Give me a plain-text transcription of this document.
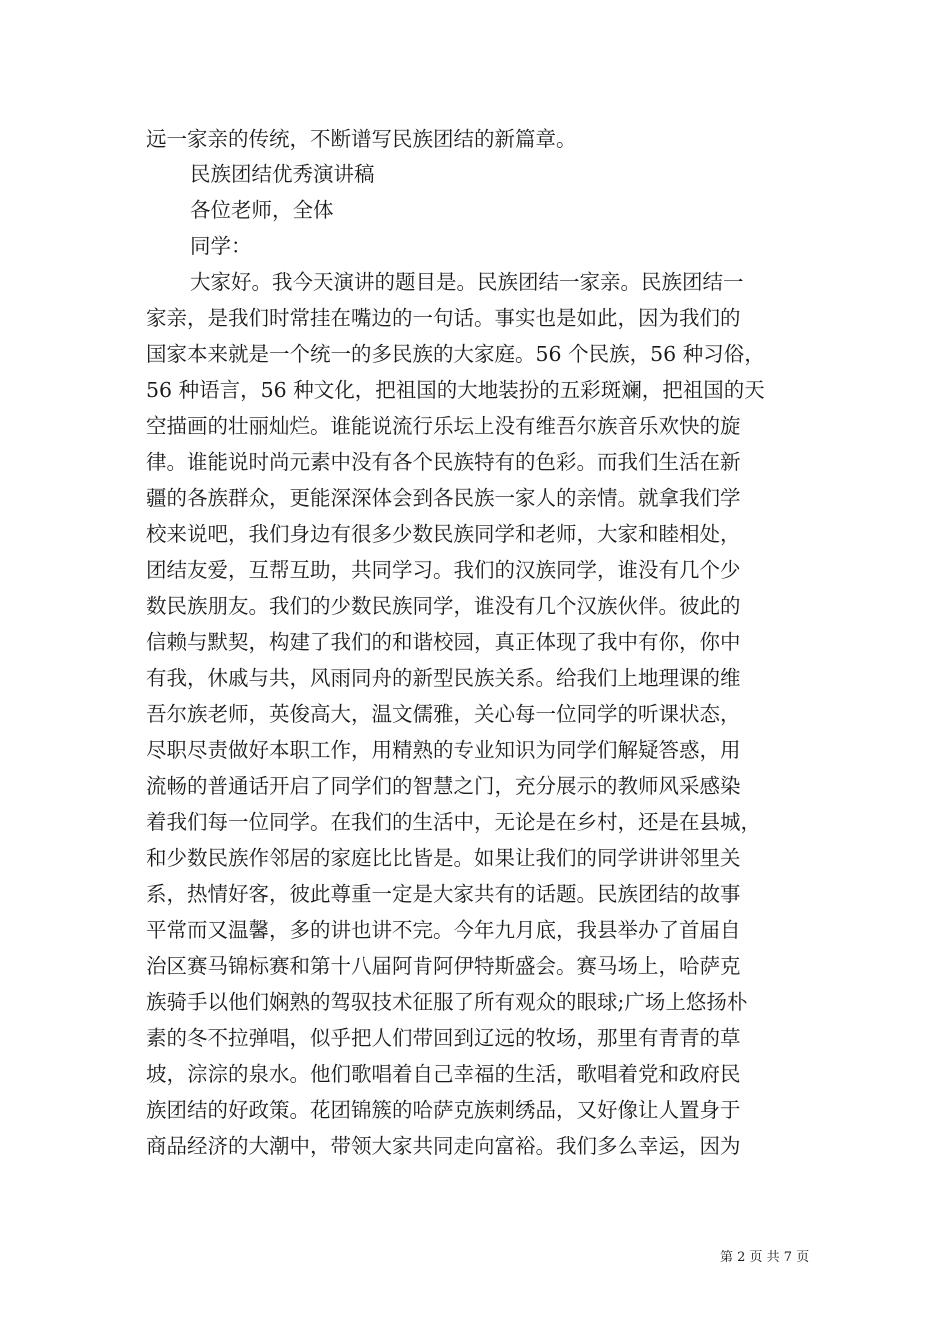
远一家亲的传统，不断谱写民族团结的新篇章。
民族团结优秀演讲稿
各位老师，全体
同学：
大家好。我今天演讲的题目是。民族团结一家亲。民族团结一
家亲，是我们时常挂在嘴边的一句话。事实也是如此，因为我们的
国家本来就是一个统一的多民族的大家庭。56 个民族，56 种习俗，
56 种语言，56 种文化，把祖国的大地装扮的五彩斑斓，把祖国的天
空描画的壮丽灿烂。谁能说流行乐坛上没有维吾尔族音乐欢快的旋
律。谁能说时尚元素中没有各个民族特有的色彩。而我们生活在新
疆的各族群众，更能深深体会到各民族一家人的亲情。就拿我们学
校来说吧，我们身边有很多少数民族同学和老师，大家和睦相处，
团结友爱，互帮互助，共同学习。我们的汉族同学，谁没有几个少
数民族朋友。我们的少数民族同学，谁没有几个汉族伙伴。彼此的
信赖与默契，构建了我们的和谐校园，真正体现了我中有你，你中
有我，休戚与共，风雨同舟的新型民族关系。给我们上地理课的维
吾尔族老师，英俊高大，温文儒雅，关心每一位同学的听课状态，
尽职尽责做好本职工作，用精熟的专业知识为同学们解疑答惑，用
流畅的普通话开启了同学们的智慧之门，充分展示的教师风采感染
着我们每一位同学。在我们的生活中，无论是在乡村，还是在县城，
和少数民族作邻居的家庭比比皆是。如果让我们的同学讲讲邻里关
系，热情好客，彼此尊重一定是大家共有的话题。民族团结的故事
平常而又温馨，多的讲也讲不完。今年九月底，我县举办了首届自
治区赛马锦标赛和第十八届阿肯阿伊特斯盛会。赛马场上，哈萨克
族骑手以他们娴熟的驾驭技术征服了所有观众的眼球;广场上悠扬朴
素的冬不拉弹唱，似乎把人们带回到辽远的牧场，那里有青青的草
坡，淙淙的泉水。他们歌唱着自己幸福的生活，歌唱着党和政府民
族团结的好政策。花团锦簇的哈萨克族刺绣品，又好像让人置身于
商品经济的大潮中，带领大家共同走向富裕。我们多么幸运，因为
第 2 页 共 7 页
